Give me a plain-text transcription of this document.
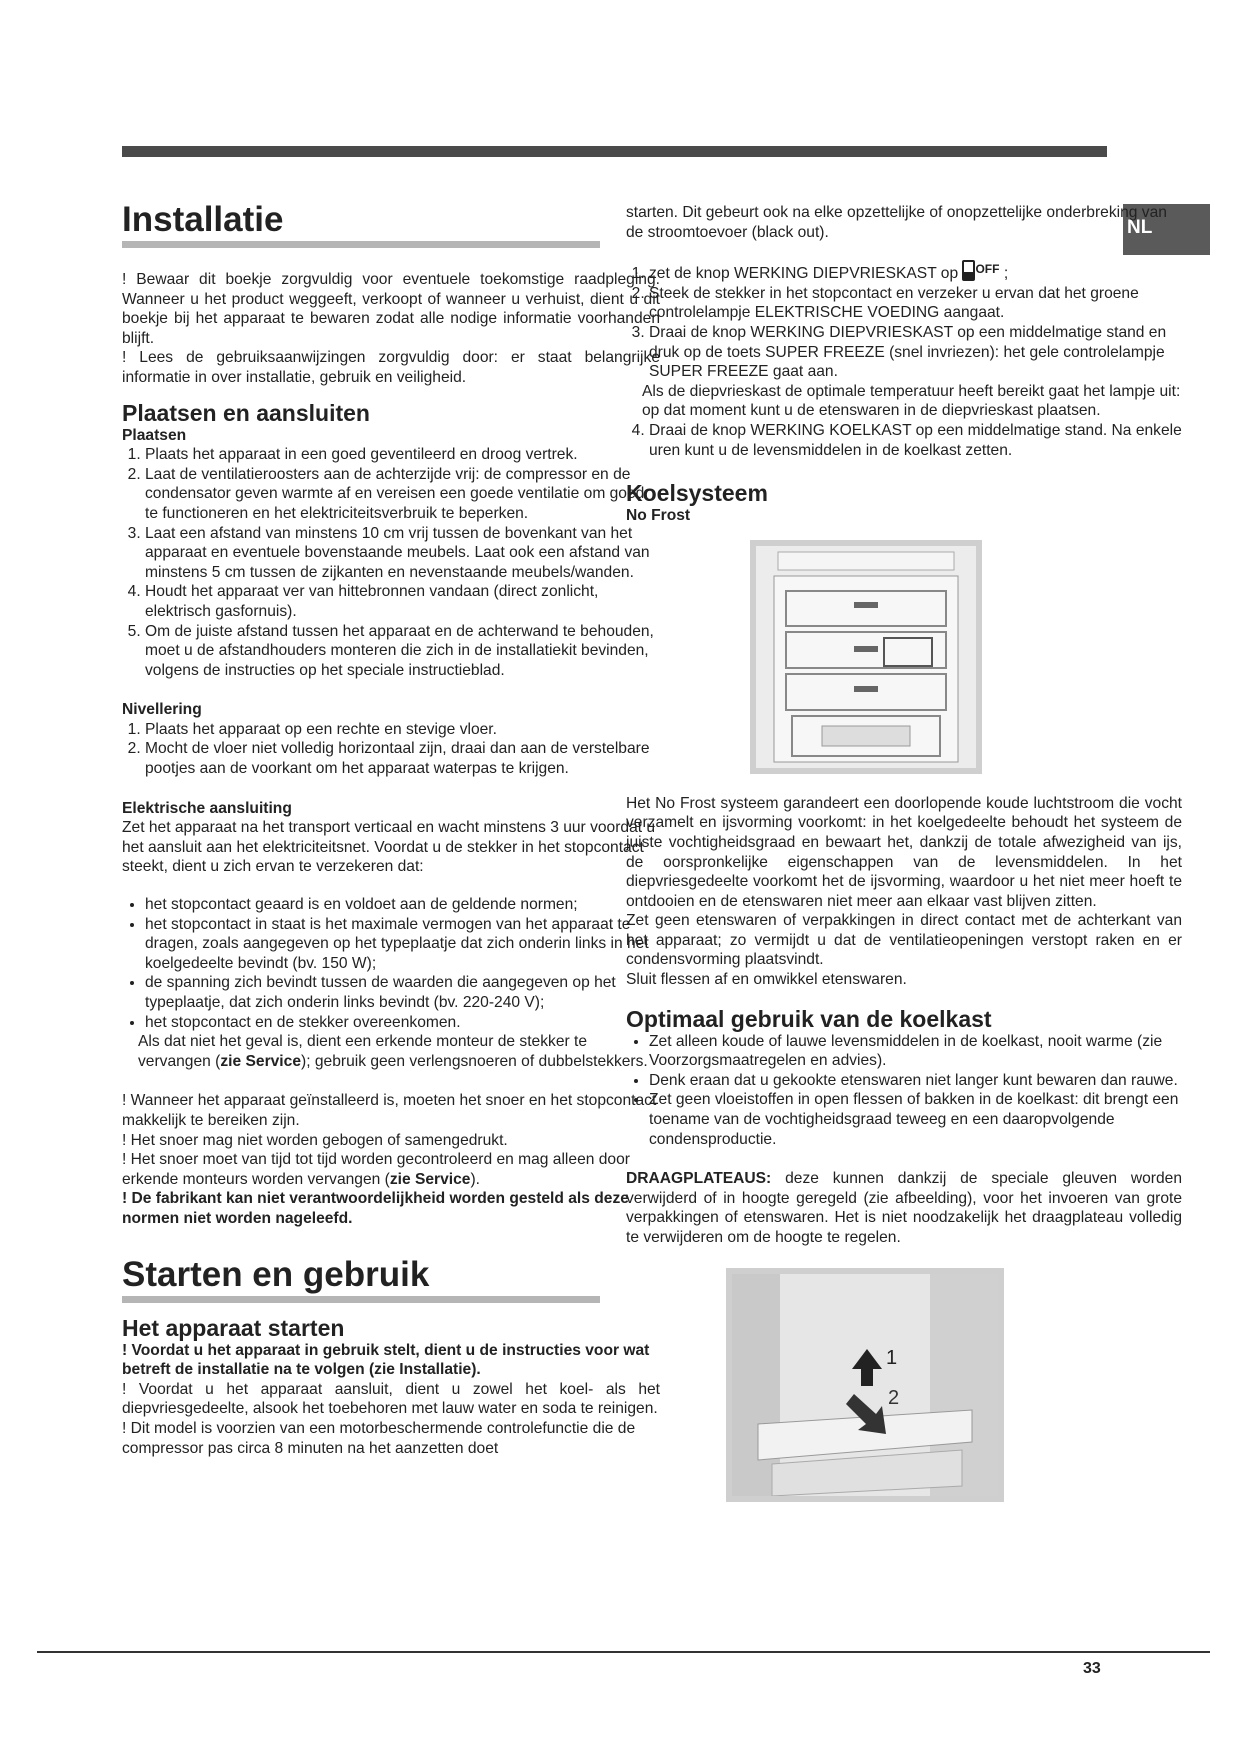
NL
Installatie

! Bewaar dit boekje zorgvuldig voor eventuele toekomstige raadpleging. Wanneer u het product weggeeft, verkoopt of wanneer u verhuist, dient u dit boekje bij het apparaat te bewaren zodat alle nodige informatie voorhanden blijft.

! Lees de gebruiksaanwijzingen zorgvuldig door: er staat belangrijke informatie in over installatie, gebruik en veiligheid.

Plaatsen en aansluiten
Plaatsen
1. Plaats het apparaat in een goed geventileerd en droog vertrek.
2. Laat de ventilatieroosters aan de achterzijde vrij: de compressor en de condensator geven warmte af en vereisen een goede ventilatie om goed te functioneren en het elektriciteitsverbruik te beperken.
3. Laat een afstand van minstens 10 cm vrij tussen de bovenkant van het apparaat en eventuele bovenstaande meubels. Laat ook een afstand van minstens 5 cm tussen de zijkanten en nevenstaande meubels/wanden.
4. Houdt het apparaat ver van hittebronnen vandaan (direct zonlicht, elektrisch gasfornuis).
5. Om de juiste afstand tussen het apparaat en de achterwand te behouden, moet u de afstandhouders monteren die zich in de installatiekit bevinden, volgens de instructies op het speciale instructieblad.
Nivellering
1. Plaats het apparaat op een rechte en stevige vloer.
2. Mocht de vloer niet volledig horizontaal zijn, draai dan aan de verstelbare pootjes aan de voorkant om het apparaat waterpas te krijgen.
Elektrische aansluiting

Zet het apparaat na het transport verticaal en wacht minstens 3 uur voordat u het aansluit aan het elektriciteitsnet. Voordat u de stekker in het stopcontact steekt, dient u zich ervan te verzekeren dat:

• het stopcontact geaard is en voldoet aan de geldende normen;
• het stopcontact in staat is het maximale vermogen van het apparaat te dragen, zoals aangegeven op het typeplaatje dat zich onderin links in het koelgedeelte bevindt (bv. 150 W);
• de spanning zich bevindt tussen de waarden die aangegeven op het typeplaatje, dat zich onderin links bevindt (bv. 220-240 V);
• het stopcontact en de stekker overeenkomen.

Als dat niet het geval is, dient een erkende monteur de stekker te vervangen (zie Service); gebruik geen verlengsnoeren of dubbelstekkers.

! Wanneer het apparaat geïnstalleerd is, moeten het snoer en het stopcontact makkelijk te bereiken zijn.

! Het snoer mag niet worden gebogen of samengedrukt.

! Het snoer moet van tijd tot tijd worden gecontroleerd en mag alleen door erkende monteurs worden vervangen (zie Service).

! De fabrikant kan niet verantwoordelijkheid worden gesteld als deze normen niet worden nageleefd.

Starten en gebruik
Het apparaat starten

! Voordat u het apparaat in gebruik stelt, dient u de instructies voor wat betreft de installatie na te volgen (zie Installatie).

! Voordat u het apparaat aansluit, dient u zowel het koel- als het diepvriesgedeelte, alsook het toebehoren met lauw water en soda te reinigen.

! Dit model is voorzien van een motorbeschermende controlefunctie die de compressor pas circa 8 minuten na het aanzetten doet

starten. Dit gebeurt ook na elke opzettelijke of onopzettelijke onderbreking van de stroomtoevoer (black out).

1. zet de knop WERKING DIEPVRIESKAST op $^{OFF}$ ;
2. Steek de stekker in het stopcontact en verzeker u ervan dat het groene controlelampje ELEKTRISCHE VOEDING aangaat.
3. Draai de knop WERKING DIEPVRIESKAST op een middelmatige stand en druk op de toets SUPER FREEZE (snel invriezen): het gele controlelampje SUPER FREEZE gaat aan.

Als de diepvrieskast de optimale temperatuur heeft bereikt gaat het lampje uit: op dat moment kunt u de etenswaren in de diepvrieskast plaatsen.

4. Draai de knop WERKING KOELKAST op een middelmatige stand. Na enkele uren kunt u de levensmiddelen in de koelkast zetten.
Koelsysteem
No Frost

Het No Frost systeem garandeert een doorlopende koude luchtstroom die vocht verzamelt en ijsvorming voorkomt: in het koelgedeelte behoudt het systeem de juiste vochtigheidsgraad en bewaart het, dankzij de totale afwezigheid van ijs, de oorspronkelijke eigenschappen van de levensmiddelen. In het diepvriesgedeelte voorkomt het de ijsvorming, waardoor u het niet meer hoeft te ontdooien en de etenswaren niet meer aan elkaar vast blijven zitten.

Zet geen etenswaren of verpakkingen in direct contact met de achterkant van het apparaat; zo vermijdt u dat de ventilatieopeningen verstopt raken en er condensvorming plaatsvindt.

Sluit flessen af en omwikkel etenswaren.

Optimaal gebruik van de koelkast
• Zet alleen koude of lauwe levensmiddelen in de koelkast, nooit warme (zie Voorzorgsmaatregelen en advies).
• Denk eraan dat u gekookte etenswaren niet langer kunt bewaren dan rauwe.
• Zet geen vloeistoffen in open flessen of bakken in de koelkast: dit brengt een toename van de vochtigheidsgraad teweeg en een daaropvolgende condensproductie.

DRAAGPLATEAUS: deze kunnen dankzij de speciale gleuven worden verwijderd of in hoogte geregeld (zie afbeelding), voor het invoeren van grote verpakkingen of etenswaren. Het is niet noodzakelijk het draagplateau volledig te verwijderen om de hoogte te regelen.

1
2
33
